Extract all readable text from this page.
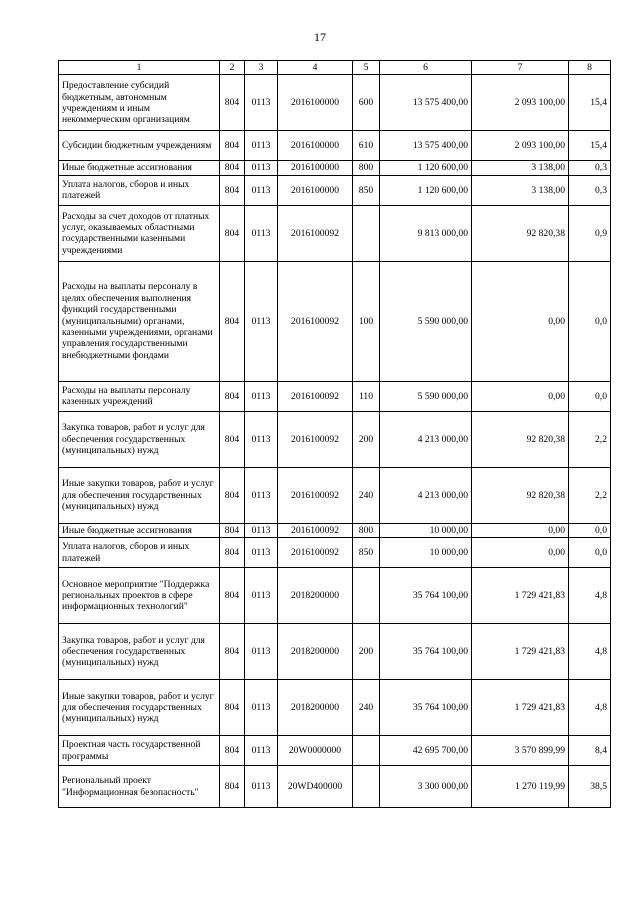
17
1	2	3	4	5	6	7	8
Предоставление субсидий бюджетным, автономным учреждениям и иным некоммерческим организациям	804	0113	2016100000	600	13 575 400,00	2 093 100,00	15,4
Субсидии бюджетным учреждениям	804	0113	2016100000	610	13 575 400,00	2 093 100,00	15,4
Иные бюджетные ассигнования	804	0113	2016100000	800	1 120 600,00	3 138,00	0,3
Уплата налогов, сборов и иных платежей	804	0113	2016100000	850	1 120 600,00	3 138,00	0,3
Расходы за счет доходов от платных услуг, оказываемых областными государственными казенными учреждениями	804	0113	2016100092		9 813 000,00	92 820,38	0,9
Расходы на выплаты персоналу в целях обеспечения выполнения функций государственными (муниципальными) органами, казенными учреждениями, органами управления государственными внебюджетными фондами	804	0113	2016100092	100	5 590 000,00	0,00	0,0
Расходы на выплаты персоналу казенных учреждений	804	0113	2016100092	110	5 590 000,00	0,00	0,0
Закупка товаров, работ и услуг для обеспечения государственных (муниципальных) нужд	804	0113	2016100092	200	4 213 000,00	92 820,38	2,2
Иные закупки товаров, работ и услуг для обеспечения государственных (муниципальных) нужд	804	0113	2016100092	240	4 213 000,00	92 820,38	2,2
Иные бюджетные ассигнования	804	0113	2016100092	800	10 000,00	0,00	0,0
Уплата налогов, сборов и иных платежей	804	0113	2016100092	850	10 000,00	0,00	0,0
Основное мероприятие "Поддержка региональных проектов в сфере информационных технологий"	804	0113	2018200000		35 764 100,00	1 729 421,83	4,8
Закупка товаров, работ и услуг для обеспечения государственных (муниципальных) нужд	804	0113	2018200000	200	35 764 100,00	1 729 421,83	4,8
Иные закупки товаров, работ и услуг для обеспечения государственных (муниципальных) нужд	804	0113	2018200000	240	35 764 100,00	1 729 421,83	4,8
Проектная часть государственной программы	804	0113	20W0000000		42 695 700,00	3 570 899,99	8,4
Региональный проект "Информационная безопасность"	804	0113	20WD400000		3 300 000,00	1 270 119,99	38,5
